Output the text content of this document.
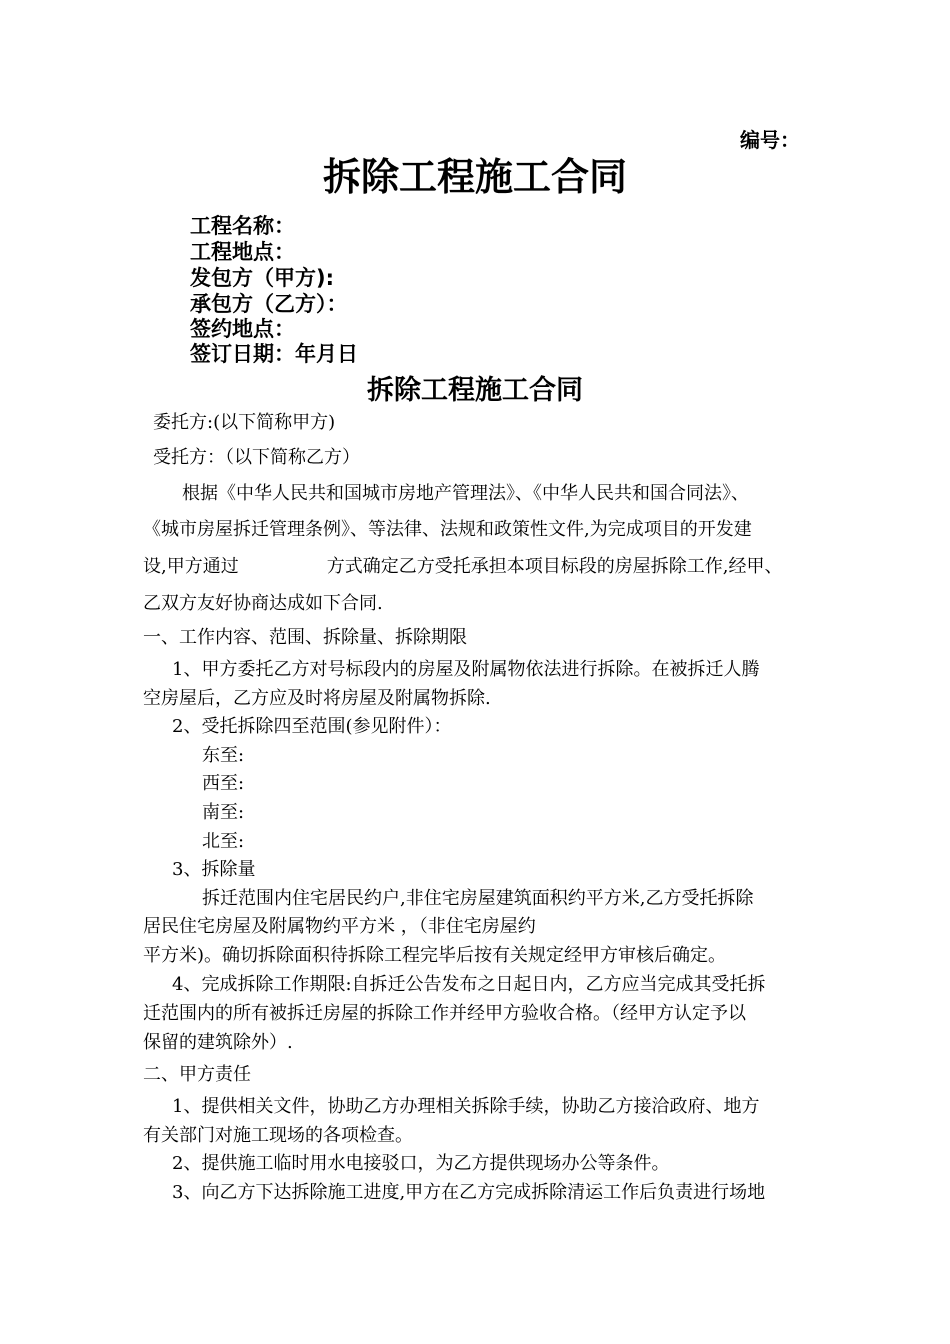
编号：
拆除工程施工合同
工程名称：
工程地点：
发包方（甲方):
承包方（乙方）：
签约地点：
签订日期：年月日
拆除工程施工合同
委托方:(以下简称甲方)
受托方：（以下简称乙方）
根据《中华人民共和国城市房地产管理法》、《中华人民共和国合同法》、
《城市房屋拆迁管理条例》、等法律、法规和政策性文件,为完成项目的开发建
设,甲方通过	方式确定乙方受托承担本项目标段的房屋拆除工作,经甲、
乙双方友好协商达成如下合同.
一、工作内容、范围、拆除量、拆除期限
1、甲方委托乙方对号标段内的房屋及附属物依法进行拆除。在被拆迁人腾
空房屋后，乙方应及时将房屋及附属物拆除.
2、受托拆除四至范围(参见附件）：
东至:
西至:
南至:
北至:
3、拆除量
拆迁范围内住宅居民约户,非住宅房屋建筑面积约平方米,乙方受托拆除
居民住宅房屋及附属物约平方米 ，（非住宅房屋约
平方米)。确切拆除面积待拆除工程完毕后按有关规定经甲方审核后确定。
4、完成拆除工作期限:自拆迁公告发布之日起日内，乙方应当完成其受托拆
迁范围内的所有被拆迁房屋的拆除工作并经甲方验收合格。（经甲方认定予以
保留的建筑除外）.
二、甲方责任
1、提供相关文件，协助乙方办理相关拆除手续，协助乙方接洽政府、地方
有关部门对施工现场的各项检查。
2、提供施工临时用水电接驳口，为乙方提供现场办公等条件。
3、向乙方下达拆除施工进度,甲方在乙方完成拆除清运工作后负责进行场地
